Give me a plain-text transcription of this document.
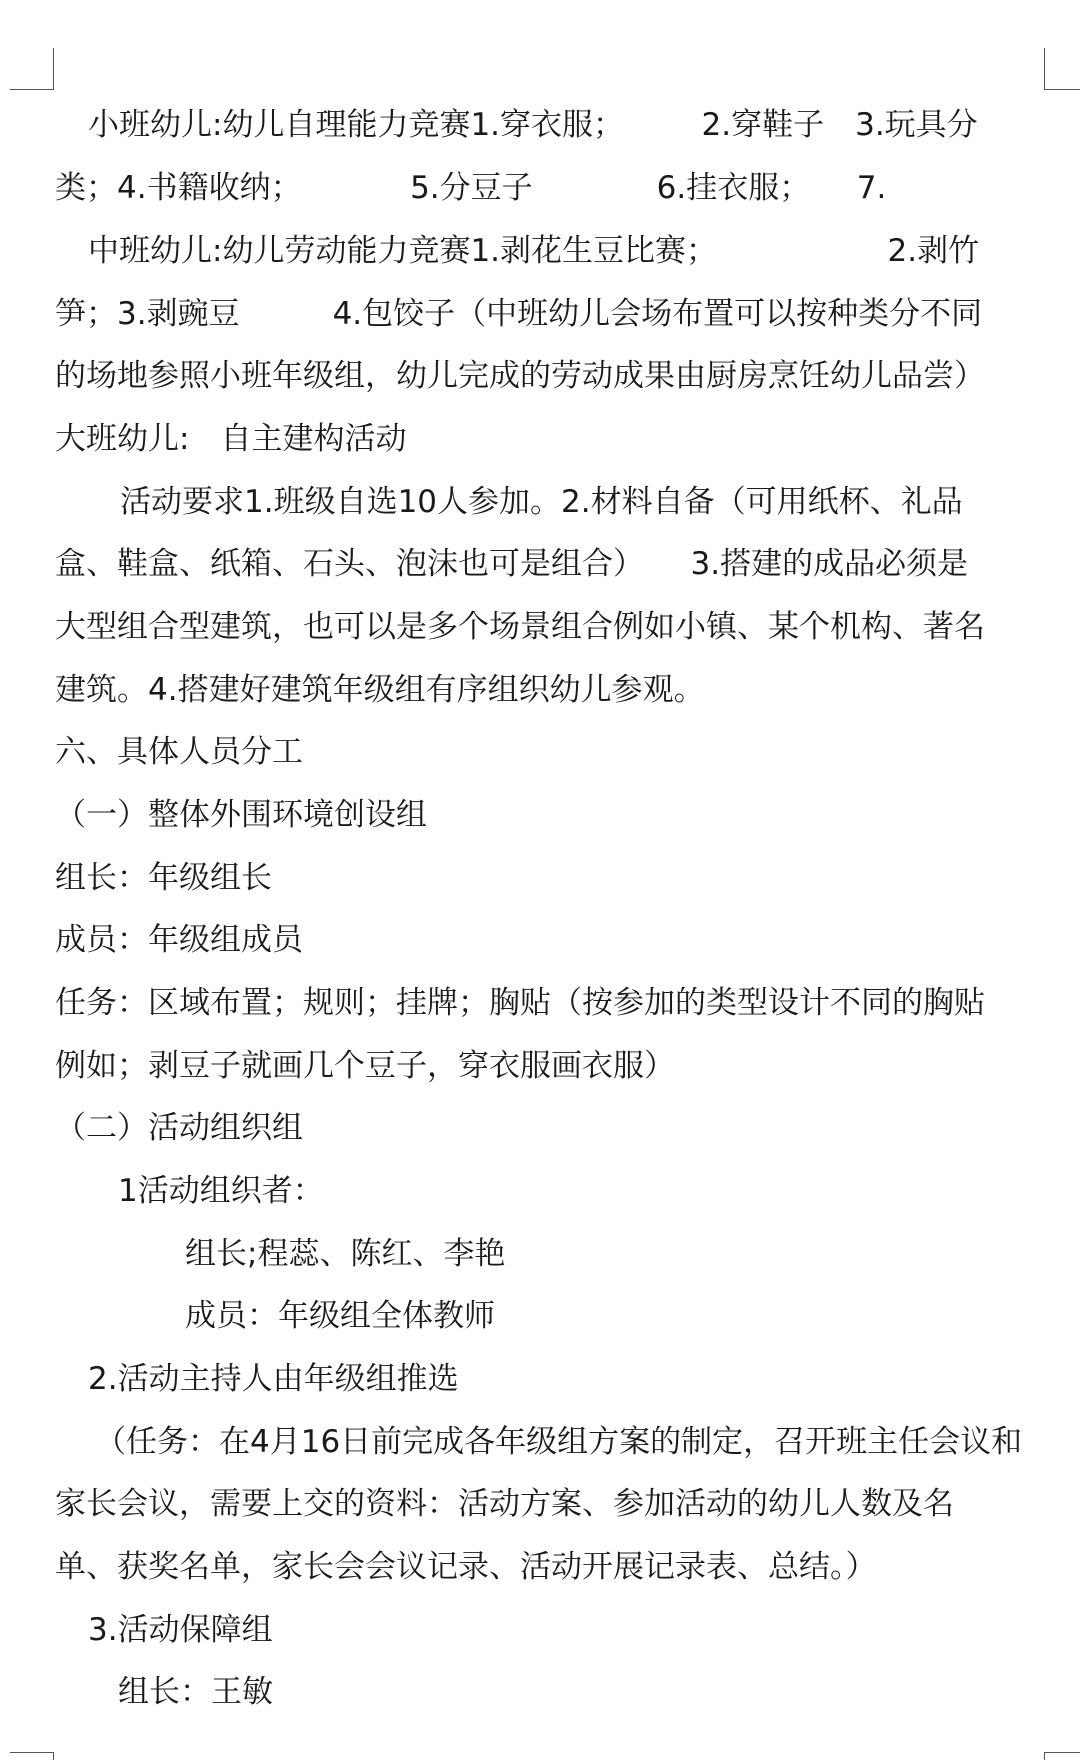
小班幼儿:幼儿自理能力竞赛1.穿衣服；　　　2.穿鞋子　3.玩具分
类；4.书籍收纳；　　　　5.分豆子　　　　6.挂衣服；　　7.
中班幼儿:幼儿劳动能力竞赛1.剥花生豆比赛；　　　　　　2.剥竹
笋；3.剥豌豆　　　4.包饺子（中班幼儿会场布置可以按种类分不同
的场地参照小班年级组，幼儿完成的劳动成果由厨房烹饪幼儿品尝）
大班幼儿:　自主建构活动
活动要求1.班级自选10人参加。2.材料自备（可用纸杯、礼品
盒、鞋盒、纸箱、石头、泡沫也可是组合）　　3.搭建的成品必须是
大型组合型建筑，也可以是多个场景组合例如小镇、某个机构、著名
建筑。4.搭建好建筑年级组有序组织幼儿参观。
六、具体人员分工
（一）整体外围环境创设组
组长：年级组长
成员：年级组成员
任务：区域布置；规则；挂牌；胸贴（按参加的类型设计不同的胸贴
例如；剥豆子就画几个豆子，穿衣服画衣服）
（二）活动组织组
1活动组织者：
组长;程蕊、陈红、李艳
成员：年级组全体教师
2.活动主持人由年级组推选
（任务：在4月16日前完成各年级组方案的制定，召开班主任会议和
家长会议，需要上交的资料：活动方案、参加活动的幼儿人数及名
单、获奖名单，家长会会议记录、活动开展记录表、总结。）
3.活动保障组
组长：王敏
